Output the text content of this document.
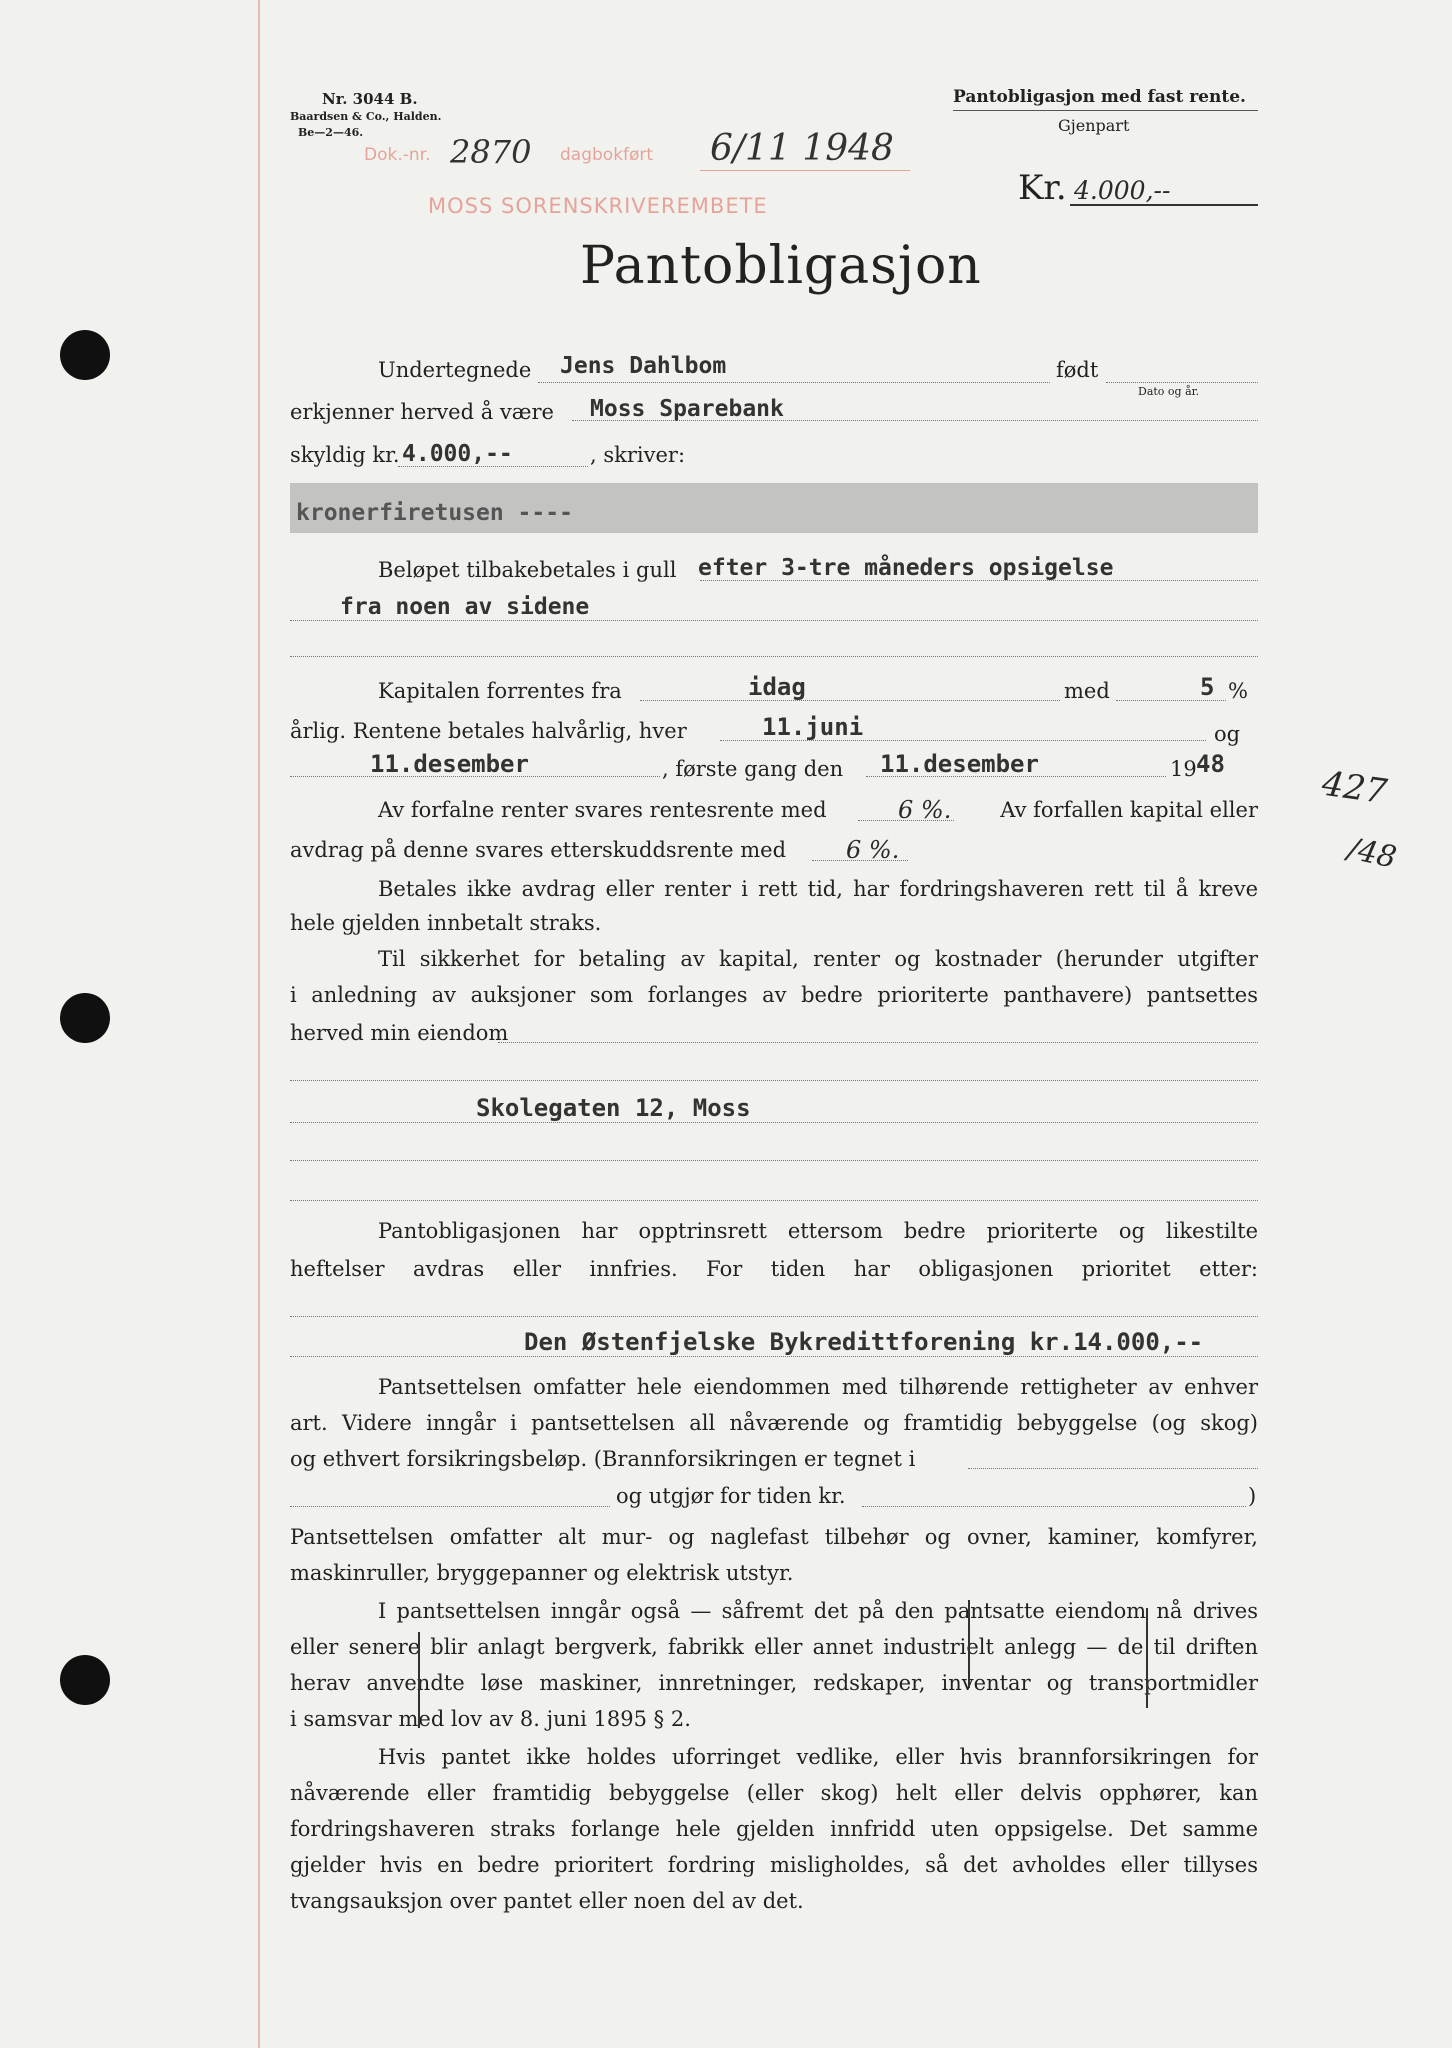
Nr. 3044 B.
Baardsen & Co., Halden.
Be—2—46.
Pantobligasjon med fast rente.
Gjenpart
Kr. 4.000,--
Dok.-nr. 2870 dagbokført 6/11 1948
MOSS SORENSKRIVEREMBETE
Pantobligasjon
Undertegnede Jens Dahlbom	født
Dato og år.
erkjenner herved å være Moss Sparebank
skyldig kr. 4.000,--	, skriver:
kronerfiretusen ----
Beløpet tilbakebetales i gull efter 3-tre måneders opsigelse
fra noen av sidene
Kapitalen forrentes fra	idag	med	5 %
årlig. Rentene betales halvårlig, hver	11.juni	og
11.desember	, første gang den 11.desember	19 48
Av forfalne renter svares rentesrente med	6 %.	Av forfallen kapital eller
avdrag på denne svares etterskuddsrente med 6 %.
Betales ikke avdrag eller renter i rett tid, har fordringshaveren rett til å kreve
hele gjelden innbetalt straks.
Til sikkerhet for betaling av kapital, renter og kostnader (herunder utgifter
i anledning av auksjoner som forlanges av bedre prioriterte panthavere) pantsettes
herved min eiendom
Skolegaten 12, Moss
Pantobligasjonen har opptrinsrett ettersom bedre prioriterte og likestilte
heftelser avdras eller innfries. For tiden har obligasjonen prioritet etter:
Den Østenfjelske Bykredittforening kr.14.000,--
Pantsettelsen omfatter hele eiendommen med tilhørende rettigheter av enhver
art. Videre inngår i pantsettelsen all nåværende og framtidig bebyggelse (og skog)
og ethvert forsikringsbeløp. (Brannforsikringen er tegnet i
og utgjør for tiden kr.	)
Pantsettelsen omfatter alt mur- og naglefast tilbehør og ovner, kaminer, komfyrer,
maskinruller, bryggepanner og elektrisk utstyr.
I pantsettelsen inngår også — såfremt det på den pantsatte eiendom nå drives
eller senere blir anlagt bergverk, fabrikk eller annet industrielt anlegg — de til driften
herav anvendte løse maskiner, innretninger, redskaper, inventar og transportmidler
i samsvar med lov av 8. juni 1895 § 2.
Hvis pantet ikke holdes uforringet vedlike, eller hvis brannforsikringen for
nåværende eller framtidig bebyggelse (eller skog) helt eller delvis opphører, kan
fordringshaveren straks forlange hele gjelden innfridd uten oppsigelse. Det samme
gjelder hvis en bedre prioritert fordring misligholdes, så det avholdes eller tillyses
tvangsauksjon over pantet eller noen del av det.
427
/48
